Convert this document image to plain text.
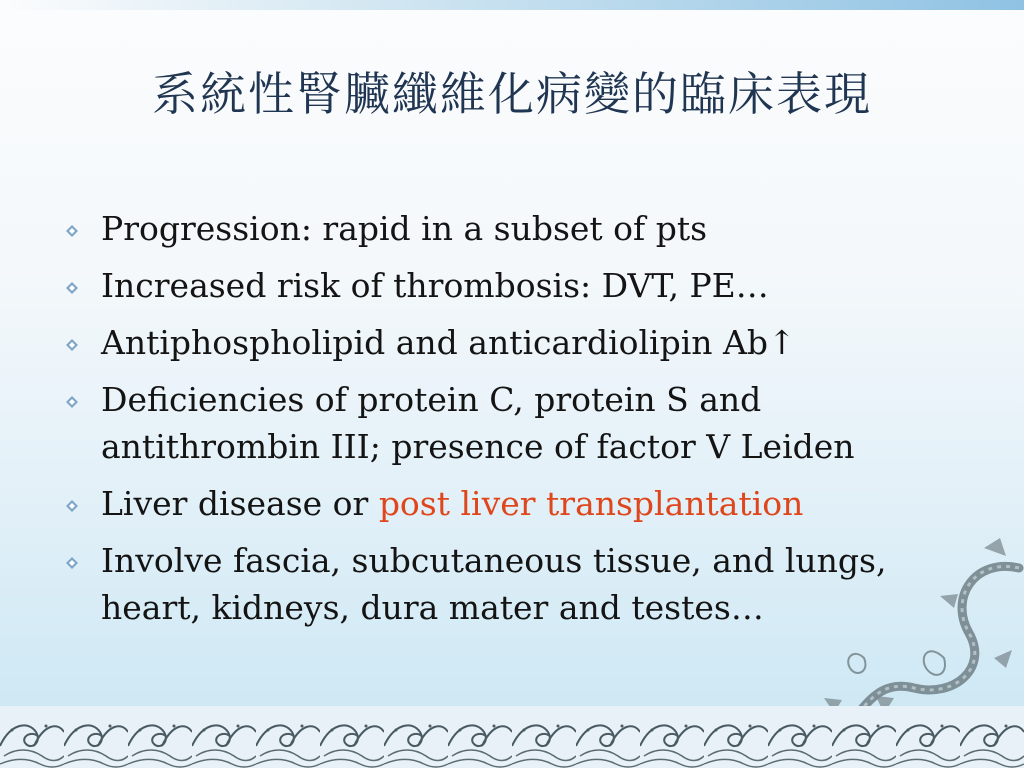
系統性腎臟纖維化病變的臨床表現
Progression: rapid in a subset of pts
Increased risk of thrombosis: DVT, PE…
Antiphospholipid and anticardiolipin Ab↑
Deficiencies of protein C, protein S and
antithrombin III; presence of factor V Leiden
Liver disease or post liver transplantation
Involve fascia, subcutaneous tissue, and lungs,
heart, kidneys, dura mater and testes…
